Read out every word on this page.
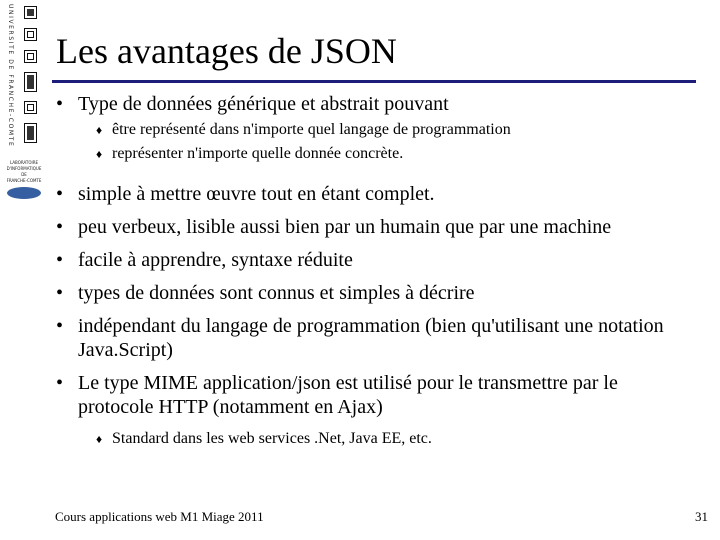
UNIVERSITE DE FRANCHE-COMTE
LABORATOIRE
D'INFORMATIQUE
DE
FRANCHE-COMTE
Les avantages de JSON
• Type de données générique et abstrait pouvant
♦ être représenté dans n'importe quel langage de programmation
♦ représenter n'importe quelle donnée concrète.
• simple à mettre œuvre tout en étant complet.
• peu verbeux, lisible aussi bien par un humain que par une machine
• facile à apprendre, syntaxe réduite
• types de données sont connus et simples à décrire
• indépendant du langage de programmation (bien qu'utilisant une notation Java.Script)
• Le type MIME application/json est utilisé pour le transmettre par le protocole HTTP (notamment en Ajax)
♦ Standard dans les web services .Net, Java EE, etc.
Cours applications web M1 Miage 2011	31
